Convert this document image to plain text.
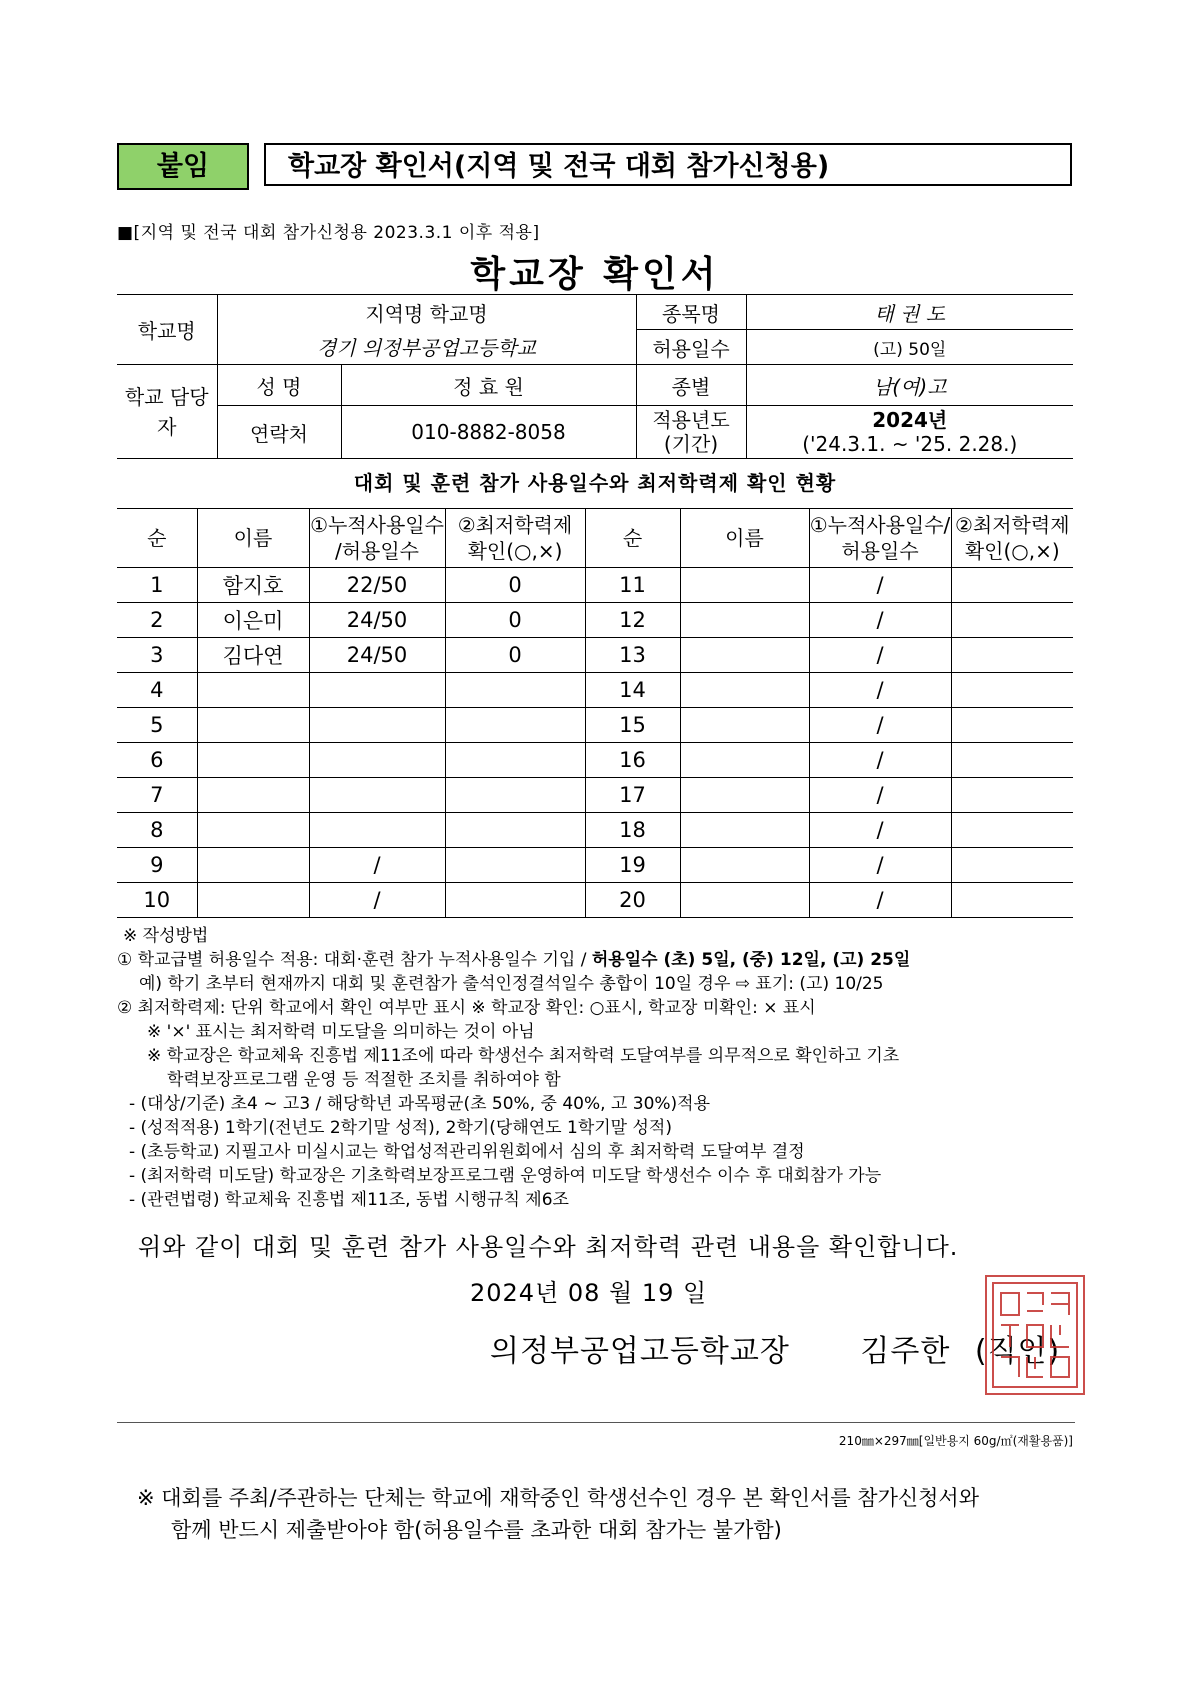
붙임	학교장 확인서(지역 및 전국 대회 참가신청용)
■[지역 및 전국 대회 참가신청용 2023.3.1 이후 적용]
학교장 확인서
학교명	지역명 학교명		종목명	태 권 도
	경기 의정부공업고등학교		허용일수	(고) 50일
학교 담당자	성 명	정 효 원	종별	남(여)고
	연락처	010-8882-8058	적용년도 (기간)	2024년
('24.3.1. ~ '25. 2.28.)

대회 및 훈련 참가 사용일수와 최저학력제 확인 현황				
순	이름	①누적사용일수 /허용일수	②최저학력제 확인(○,×)	순	이름	①누적사용일수/ 허용일수	②최저학력제 확인(○,×)
1	함지호	22/50	0	11		/	
2	이은미	24/50	0	12		/	
3	김다연	24/50	0	13		/	
4				14		/	
5				15		/	
6				16		/	
7				17		/	
8				18		/	
9		/		19		/	
10		/		20		/	
※ 작성방법
① 학교급별 허용일수 적용: 대회·훈련 참가 누적사용일수 기입 / 허용일수 (초) 5일, (중) 12일, (고) 25일
예) 학기 초부터 현재까지 대회 및 훈련참가 출석인정결석일수 총합이 10일 경우 ⇨ 표기: (고) 10/25
② 최저학력제: 단위 학교에서 확인 여부만 표시 ※ 학교장 확인: ○표시, 학교장 미확인: × 표시
※ '×' 표시는 최저학력 미도달을 의미하는 것이 아님
※ 학교장은 학교체육 진흥법 제11조에 따라 학생선수 최저학력 도달여부를 의무적으로 확인하고 기초
학력보장프로그램 운영 등 적절한 조치를 취하여야 함
- (대상/기준) 초4 ~ 고3 / 해당학년 과목평균(초 50%, 중 40%, 고 30%)적용
- (성적적용) 1학기(전년도 2학기말 성적), 2학기(당해연도 1학기말 성적)
- (초등학교) 지필고사 미실시교는 학업성적관리위원회에서 심의 후 최저학력 도달여부 결정
- (최저학력 미도달) 학교장은 기초학력보장프로그램 운영하여 미도달 학생선수 이수 후 대회참가 가능
- (관련법령) 학교체육 진흥법 제11조, 동법 시행규칙 제6조
위와 같이 대회 및 훈련 참가 사용일수와 최저학력 관련 내용을 확인합니다.
2024년 08 월 19 일
의정부공업고등학교장 김주한 (직인)
210㎜×297㎜[일반용지 60g/㎡(재활용품)]
※ 대회를 주최/주관하는 단체는 학교에 재학중인 학생선수인 경우 본 확인서를 참가신청서와
함께 반드시 제출받아야 함(허용일수를 초과한 대회 참가는 불가함)
